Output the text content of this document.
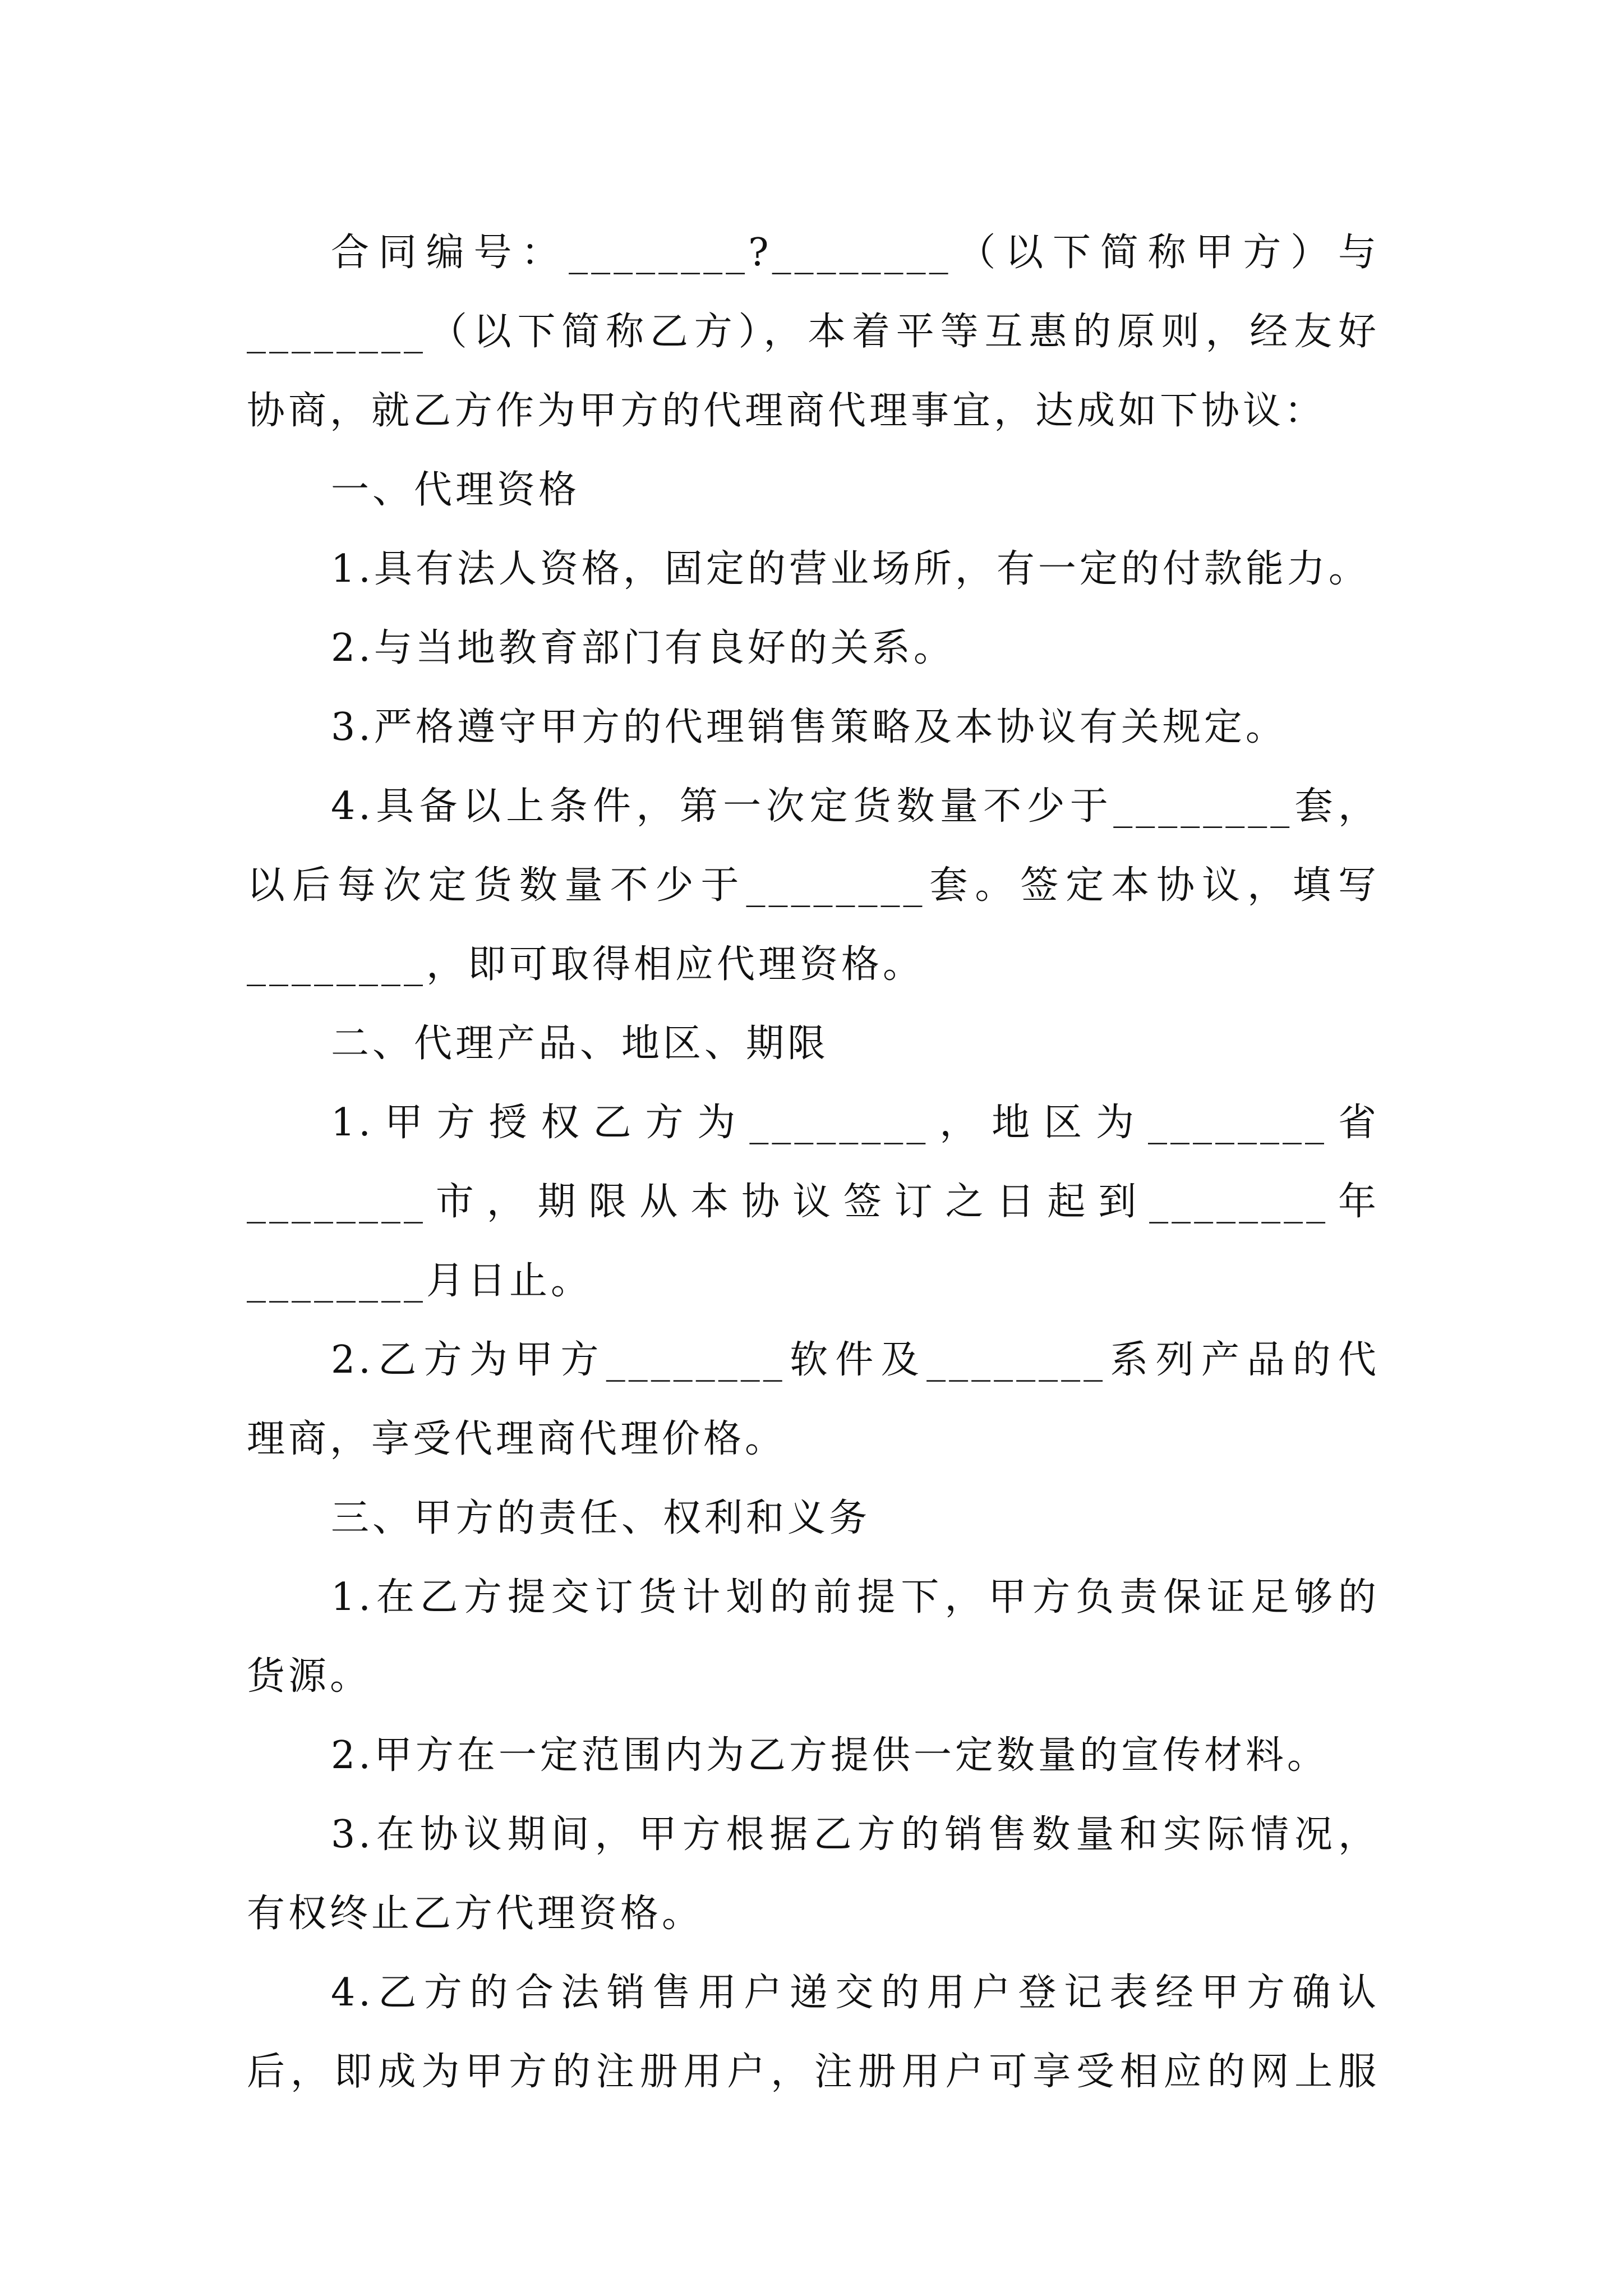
合同编号：________?________（以下简称甲方）与

________（以下简称乙方），本着平等互惠的原则，经友好

协商，就乙方作为甲方的代理商代理事宜，达成如下协议：

一、代理资格

1.具有法人资格，固定的营业场所，有一定的付款能力。

2.与当地教育部门有良好的关系。

3.严格遵守甲方的代理销售策略及本协议有关规定。

4.具备以上条件，第一次定货数量不少于________套，

以后每次定货数量不少于________套。签定本协议，填写

________，即可取得相应代理资格。

二、代理产品、地区、期限

1.甲方授权乙方为________，地区为________省

________市，期限从本协议签订之日起到________年

________月日止。

2.乙方为甲方________软件及________系列产品的代

理商，享受代理商代理价格。

三、甲方的责任、权利和义务

1.在乙方提交订货计划的前提下，甲方负责保证足够的

货源。

2.甲方在一定范围内为乙方提供一定数量的宣传材料。

3.在协议期间，甲方根据乙方的销售数量和实际情况，

有权终止乙方代理资格。

4.乙方的合法销售用户递交的用户登记表经甲方确认

后，即成为甲方的注册用户，注册用户可享受相应的网上服
